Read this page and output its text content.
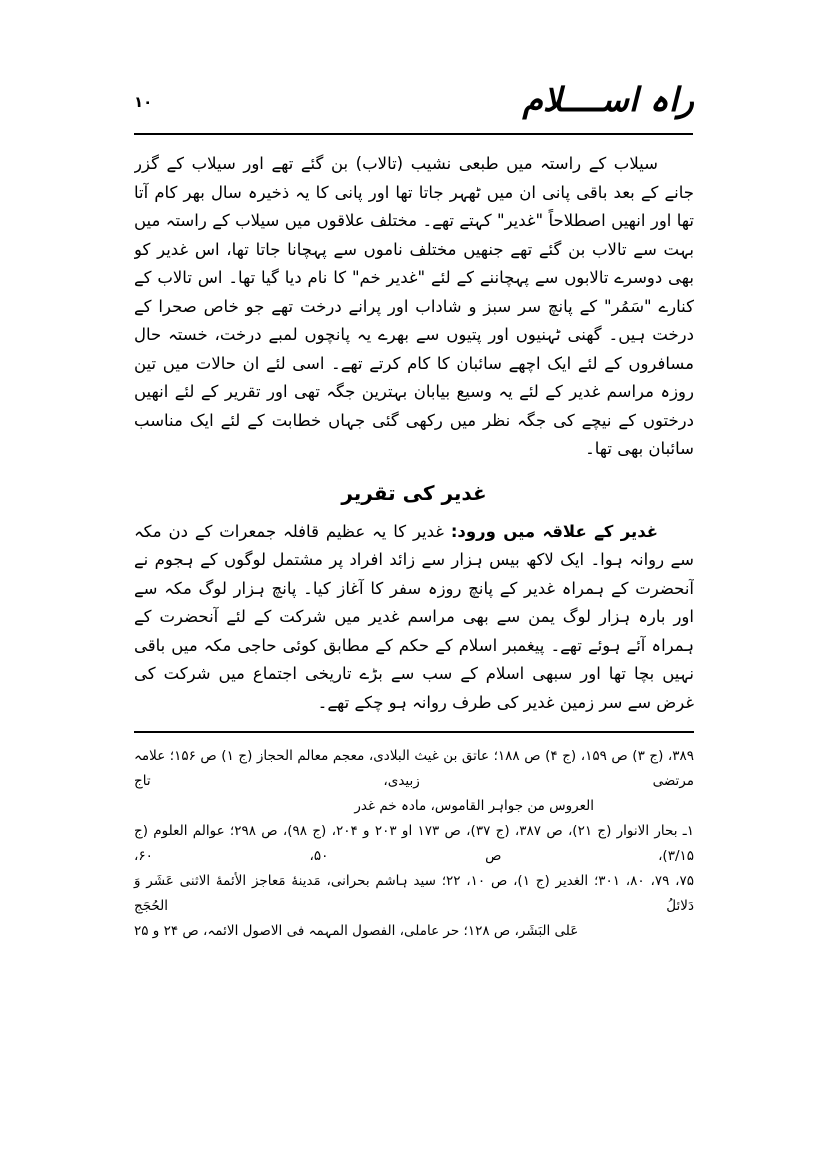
راہ اســــلام
۱۰

سیلاب کے راستہ میں طبعی نشیب (تالاب) بن گئے تھے اور سیلاب کے گزر جانے کے بعد باقی پانی ان میں ٹھہر جاتا تھا اور پانی کا یہ ذخیرہ سال بھر کام آتا تھا اور انھیں اصطلاحاً "غدیر" کہتے تھے۔ مختلف علاقوں میں سیلاب کے راستہ میں بہت سے تالاب بن گئے تھے جنھیں مختلف ناموں سے پہچانا جاتا تھا، اس غدیر کو بھی دوسرے تالابوں سے پہچاننے کے لئے "غدیر خم" کا نام دیا گیا تھا۔ اس تالاب کے کنارے "سَمُر" کے پانچ سر سبز و شاداب اور پرانے درخت تھے جو خاص صحرا کے درخت ہیں۔ گھنی ٹہنیوں اور پتیوں سے بھرے یہ پانچوں لمبے درخت، خستہ حال مسافروں کے لئے ایک اچھے سائبان کا کام کرتے تھے۔ اسی لئے ان حالات میں تین روزہ مراسم غدیر کے لئے یہ وسیع بیابان بہترین جگہ تھی اور تقریر کے لئے انھیں درختوں کے نیچے کی جگہ نظر میں رکھی گئی جہاں خطابت کے لئے ایک مناسب سائبان بھی تھا۔

غدیر کی تقریر

غدیر کے علاقہ میں ورود: غدیر کا یہ عظیم قافلہ جمعرات کے دن مکہ سے روانہ ہوا۔ ایک لاکھ بیس ہزار سے زائد افراد پر مشتمل لوگوں کے ہجوم نے آنحضرت کے ہمراہ غدیر کے پانچ روزہ سفر کا آغاز کیا۔ پانچ ہزار لوگ مکہ سے اور بارہ ہزار لوگ یمن سے بھی مراسم غدیر میں شرکت کے لئے آنحضرت کے ہمراہ آئے ہوئے تھے۔ پیغمبر اسلام کے حکم کے مطابق کوئی حاجی مکہ میں باقی نہیں بچا تھا اور سبھی اسلام کے سب سے بڑے تاریخی اجتماع میں شرکت کی غرض سے سر زمین غدیر کی طرف روانہ ہو چکے تھے۔

۳۸۹، (ج ۳) ص ۱۵۹، (ج ۴) ص ۱۸۸؛ عاتق بن غیث البلادی، معجم معالم الحجاز (ج ۱) ص ۱۵۶؛ علامہ مرتضی زبیدی، تاج
العروس من جواہر القاموس، مادہ خم غدر
۱ـ بحار الانوار (ج ۲۱)، ص ۳۸۷، (ج ۳۷)، ص ۱۷۳ او ۲۰۳ و ۲۰۴، (ج ۹۸)، ص ۲۹۸؛ عوالم العلوم (ج ۳/۱۵)، ص ۵۰، ۶۰،
۷۵، ۷۹، ۸۰، ۳۰۱؛ الغدیر (ج ۱)، ص ۱۰، ۲۲؛ سید ہاشم بحرانی، مَدینۀ مَعاجز الأئمۀ الاثنی عَشَر وَ دَلائلُ الحُجَج
عَلی البَشَر، ص ۱۲۸؛ حر عاملی، الفصول المہمہ فی الاصول الائمہ، ص ۲۴ و ۲۵
